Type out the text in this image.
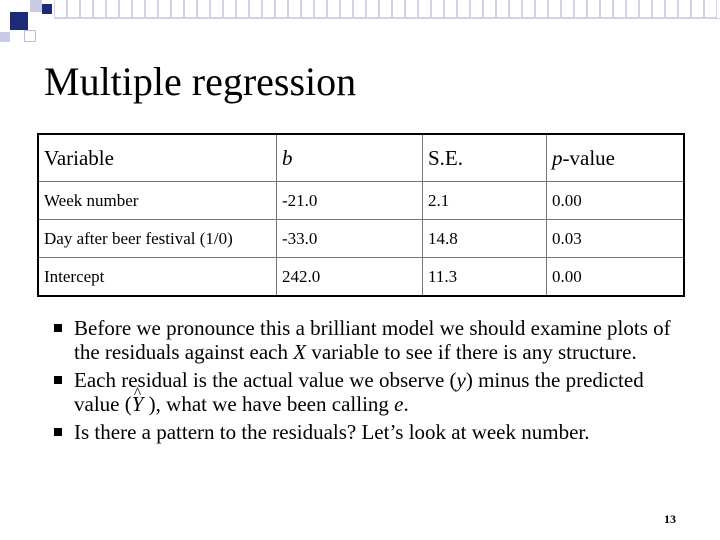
Multiple regression
Variable	b	S.E.	p-value
Week number	-21.0	2.1	0.00
Day after beer festival (1/0)	-33.0	14.8	0.03
Intercept	242.0	11.3	0.00
Before we pronounce this a brilliant model we should examine plots of the residuals against each X variable to see if there is any structure.
Each residual is the actual value we observe (y) minus the predicted value (^ Y ), what we have been calling e.
Is there a pattern to the residuals? Let’s look at week number.
13
